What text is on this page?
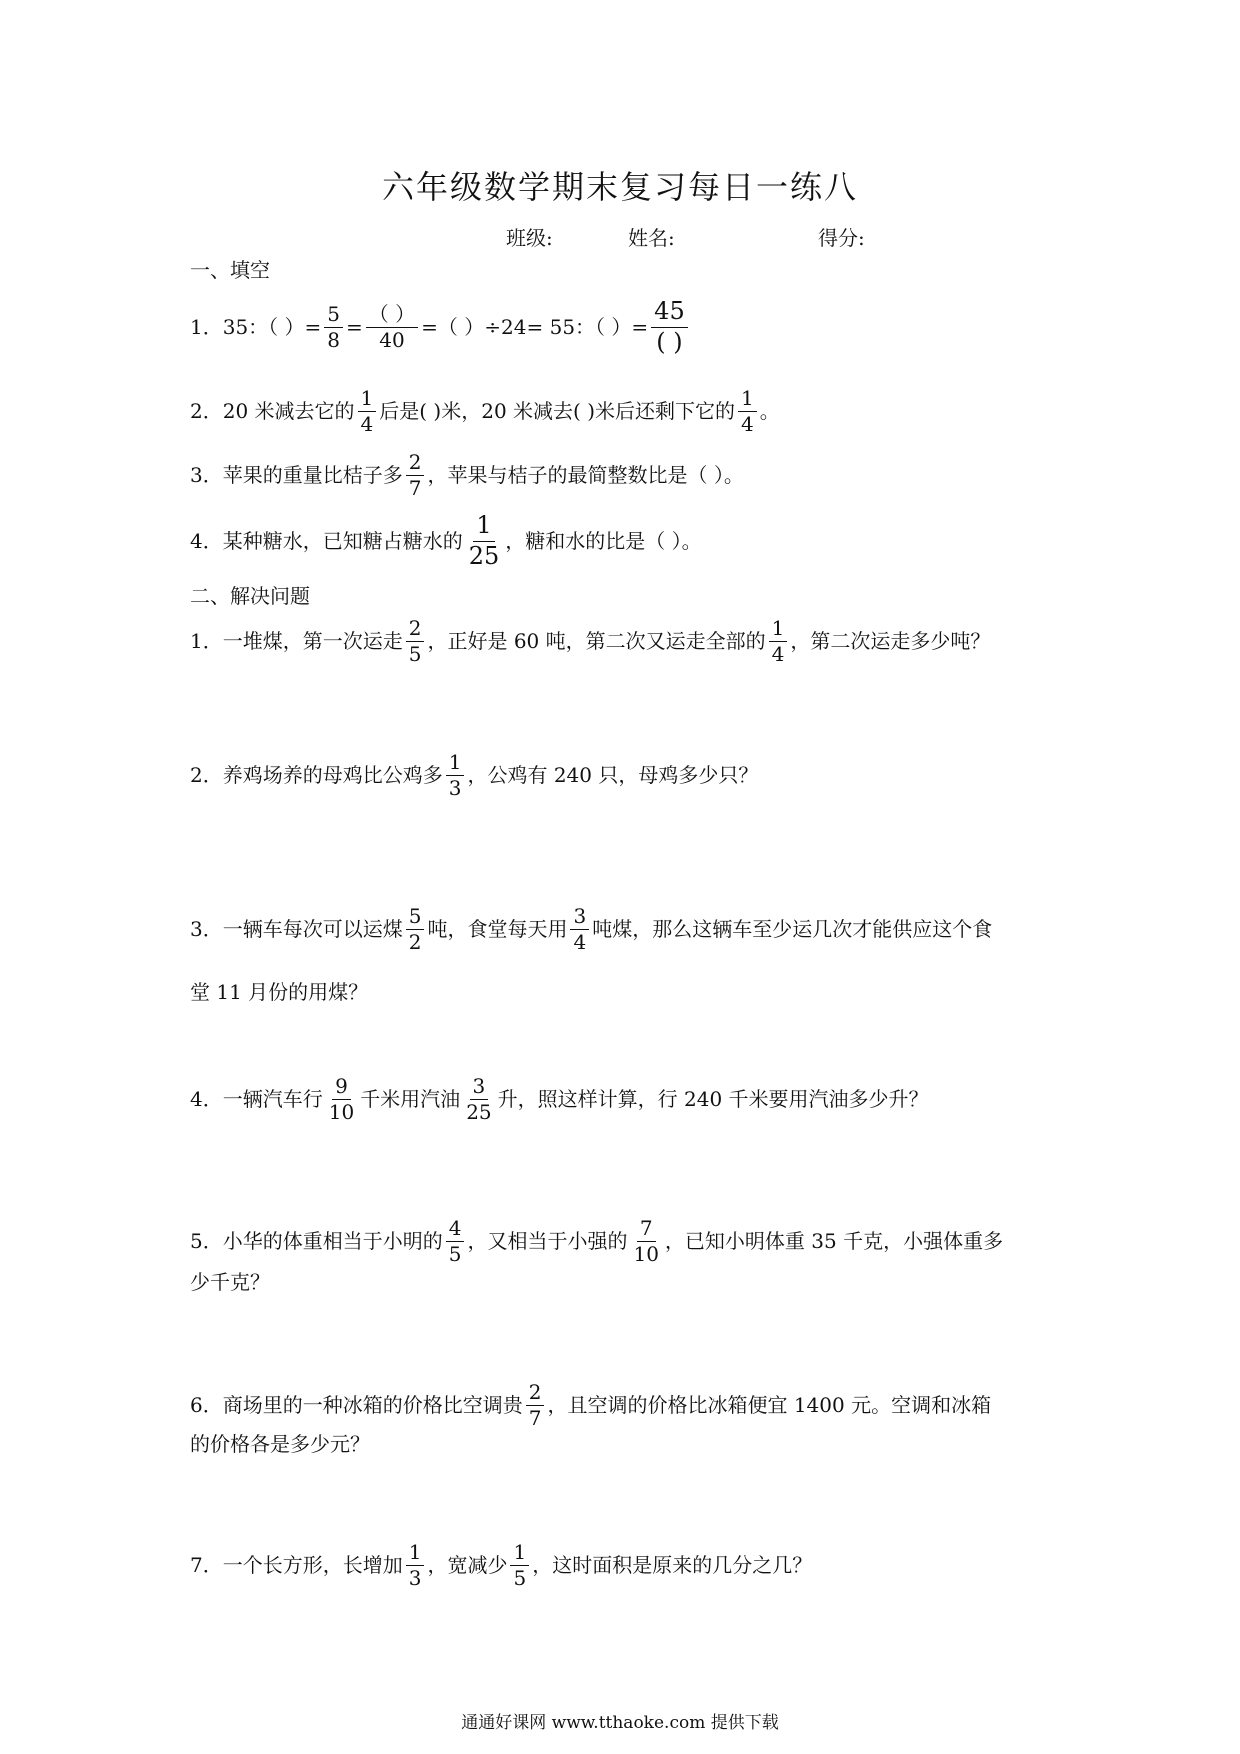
六年级数学期末复习每日一练八
班级:	姓名:	得分:
一、填空
1．35：（ ）= $\frac{5}{8} = \frac{( )}{40}$ =（ ）÷24= 55：（ ）= $\frac{45}{( )}$
2．20 米减去它的 $\frac{1}{4}$ 后是( )米，20 米减去( )米后还剩下它的 $\frac{1}{4}$ 。
3．苹果的重量比桔子多 $\frac{2}{7}$ ，苹果与桔子的最简整数比是（ ）。
4．某种糖水，已知糖占糖水的 $\frac{1}{25}$ ，糖和水的比是（ ）。
二、解决问题
1．一堆煤，第一次运走 $\frac{2}{5}$ ，正好是 60 吨，第二次又运走全部的 $\frac{1}{4}$ ，第二次运走多少吨？
2．养鸡场养的母鸡比公鸡多 $\frac{1}{3}$ ，公鸡有 240 只，母鸡多少只？
3．一辆车每次可以运煤 $\frac{5}{2}$ 吨，食堂每天用 $\frac{3}{4}$ 吨煤，那么这辆车至少运几次才能供应这个食
堂 11 月份的用煤？
4．一辆汽车行 $\frac{9}{10}$ 千米用汽油 $\frac{3}{25}$ 升，照这样计算，行 240 千米要用汽油多少升？
5．小华的体重相当于小明的 $\frac{4}{5}$ ，又相当于小强的 $\frac{7}{10}$ ，已知小明体重 35 千克，小强体重多
少千克？
6．商场里的一种冰箱的价格比空调贵 $\frac{2}{7}$ ，且空调的价格比冰箱便宜 1400 元。空调和冰箱
的价格各是多少元？
7．一个长方形，长增加 $\frac{1}{3}$ ，宽减少 $\frac{1}{5}$ ，这时面积是原来的几分之几？
通通好课网 www.tthaoke.com 提供下载
